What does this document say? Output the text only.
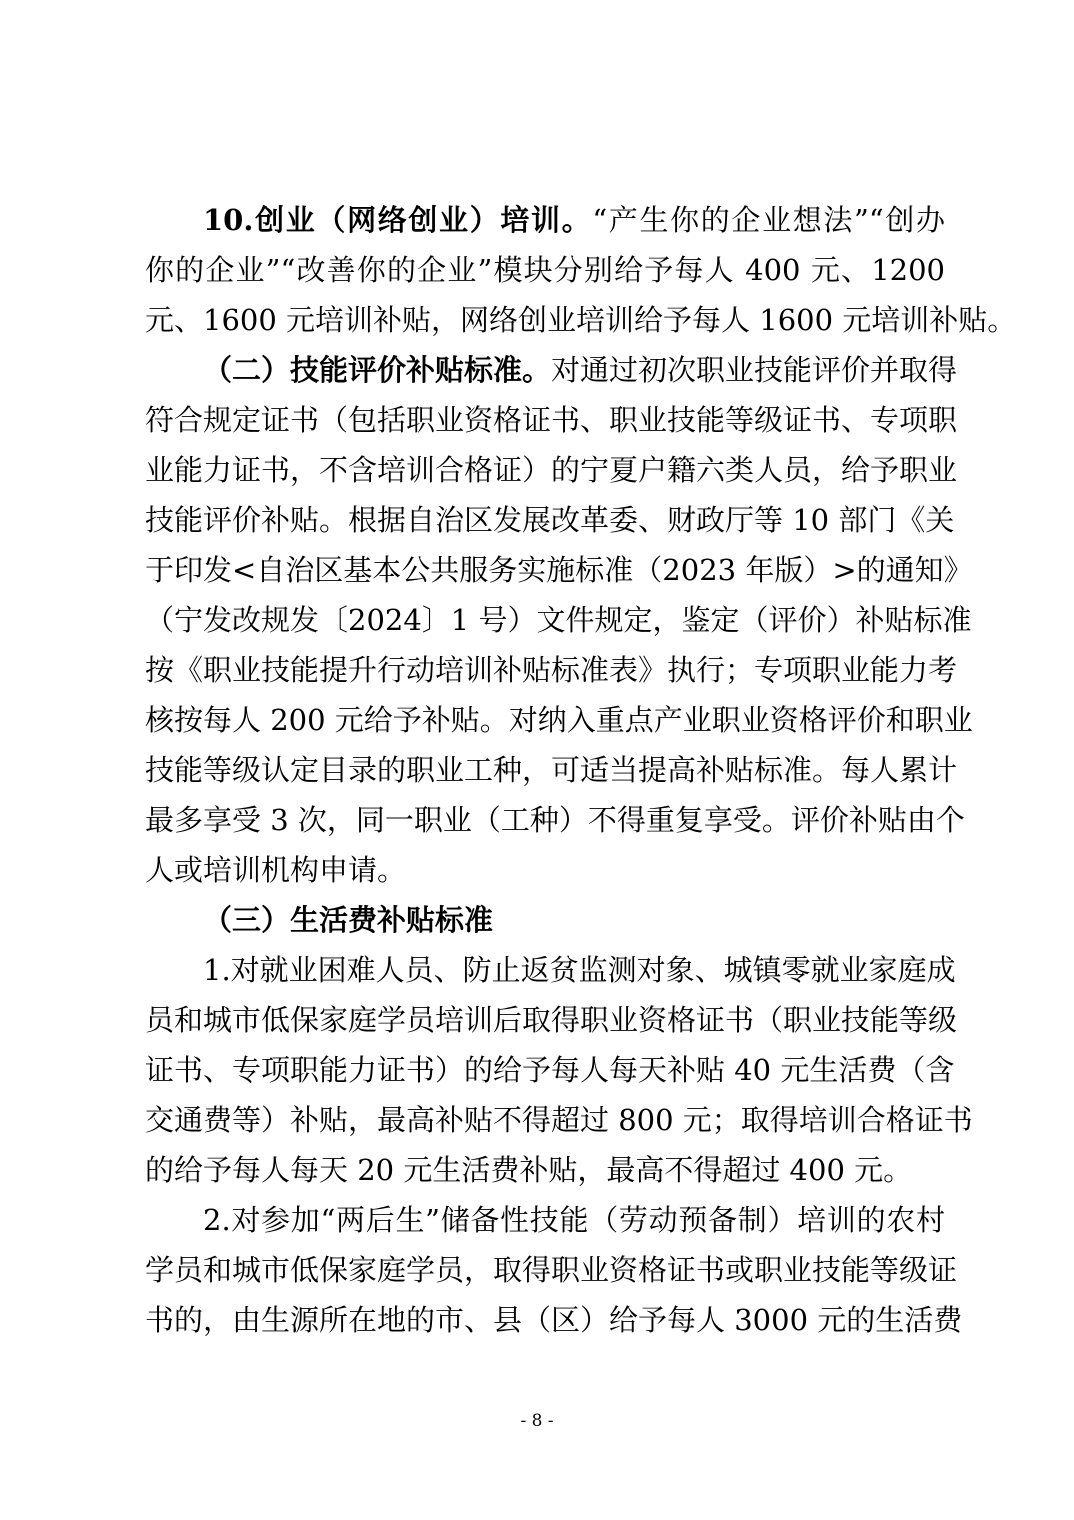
10.创业（网络创业）培训。“产生你的企业想法”“创办
你的企业”“改善你的企业”模块分别给予每人 400 元、1200
元、1600 元培训补贴，网络创业培训给予每人 1600 元培训补贴。
（二）技能评价补贴标准。对通过初次职业技能评价并取得
符合规定证书（包括职业资格证书、职业技能等级证书、专项职
业能力证书，不含培训合格证）的宁夏户籍六类人员，给予职业
技能评价补贴。根据自治区发展改革委、财政厅等 10 部门《关
于印发<自治区基本公共服务实施标准（2023 年版）>的通知》
（宁发改规发〔2024〕1 号）文件规定，鉴定（评价）补贴标准
按《职业技能提升行动培训补贴标准表》执行；专项职业能力考
核按每人 200 元给予补贴。对纳入重点产业职业资格评价和职业
技能等级认定目录的职业工种，可适当提高补贴标准。每人累计
最多享受 3 次，同一职业（工种）不得重复享受。评价补贴由个
人或培训机构申请。
（三）生活费补贴标准
1.对就业困难人员、防止返贫监测对象、城镇零就业家庭成
员和城市低保家庭学员培训后取得职业资格证书（职业技能等级
证书、专项职能力证书）的给予每人每天补贴 40 元生活费（含
交通费等）补贴，最高补贴不得超过 800 元；取得培训合格证书
的给予每人每天 20 元生活费补贴，最高不得超过 400 元。
2.对参加“两后生”储备性技能（劳动预备制）培训的农村
学员和城市低保家庭学员，取得职业资格证书或职业技能等级证
书的，由生源所在地的市、县（区）给予每人 3000 元的生活费
- 8 -
